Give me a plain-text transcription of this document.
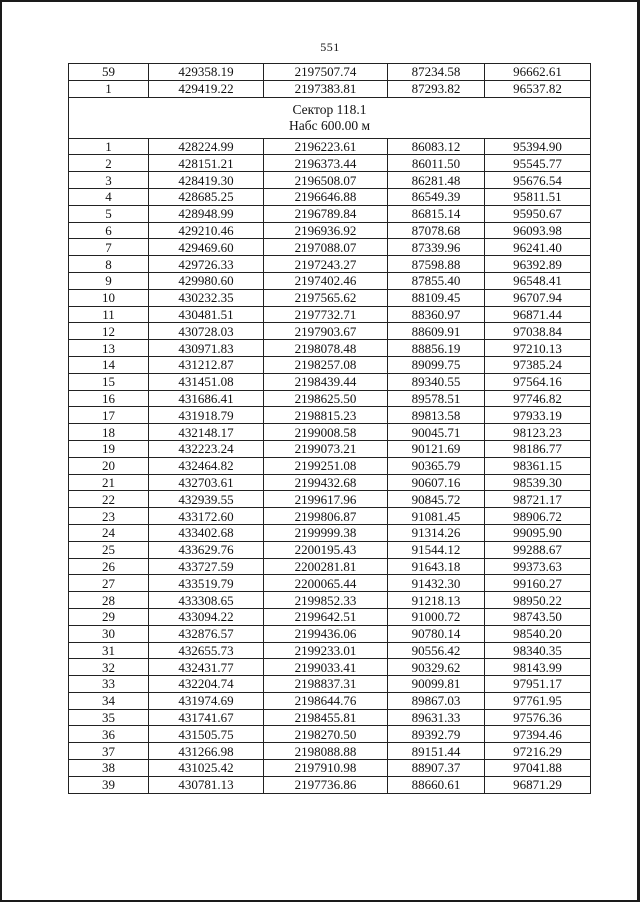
551
59	429358.19	2197507.74	87234.58	96662.61
1	429419.22	2197383.81	87293.82	96537.82

Сектор 118.1
Набс 600.00 м				

1	428224.99	2196223.61	86083.12	95394.90
2	428151.21	2196373.44	86011.50	95545.77
3	428419.30	2196508.07	86281.48	95676.54
4	428685.25	2196646.88	86549.39	95811.51
5	428948.99	2196789.84	86815.14	95950.67
6	429210.46	2196936.92	87078.68	96093.98
7	429469.60	2197088.07	87339.96	96241.40
8	429726.33	2197243.27	87598.88	96392.89
9	429980.60	2197402.46	87855.40	96548.41
10	430232.35	2197565.62	88109.45	96707.94
11	430481.51	2197732.71	88360.97	96871.44
12	430728.03	2197903.67	88609.91	97038.84
13	430971.83	2198078.48	88856.19	97210.13
14	431212.87	2198257.08	89099.75	97385.24
15	431451.08	2198439.44	89340.55	97564.16
16	431686.41	2198625.50	89578.51	97746.82
17	431918.79	2198815.23	89813.58	97933.19
18	432148.17	2199008.58	90045.71	98123.23
19	432223.24	2199073.21	90121.69	98186.77
20	432464.82	2199251.08	90365.79	98361.15
21	432703.61	2199432.68	90607.16	98539.30
22	432939.55	2199617.96	90845.72	98721.17
23	433172.60	2199806.87	91081.45	98906.72
24	433402.68	2199999.38	91314.26	99095.90
25	433629.76	2200195.43	91544.12	99288.67
26	433727.59	2200281.81	91643.18	99373.63
27	433519.79	2200065.44	91432.30	99160.27
28	433308.65	2199852.33	91218.13	98950.22
29	433094.22	2199642.51	91000.72	98743.50
30	432876.57	2199436.06	90780.14	98540.20
31	432655.73	2199233.01	90556.42	98340.35
32	432431.77	2199033.41	90329.62	98143.99
33	432204.74	2198837.31	90099.81	97951.17
34	431974.69	2198644.76	89867.03	97761.95
35	431741.67	2198455.81	89631.33	97576.36
36	431505.75	2198270.50	89392.79	97394.46
37	431266.98	2198088.88	89151.44	97216.29
38	431025.42	2197910.98	88907.37	97041.88
39	430781.13	2197736.86	88660.61	96871.29
